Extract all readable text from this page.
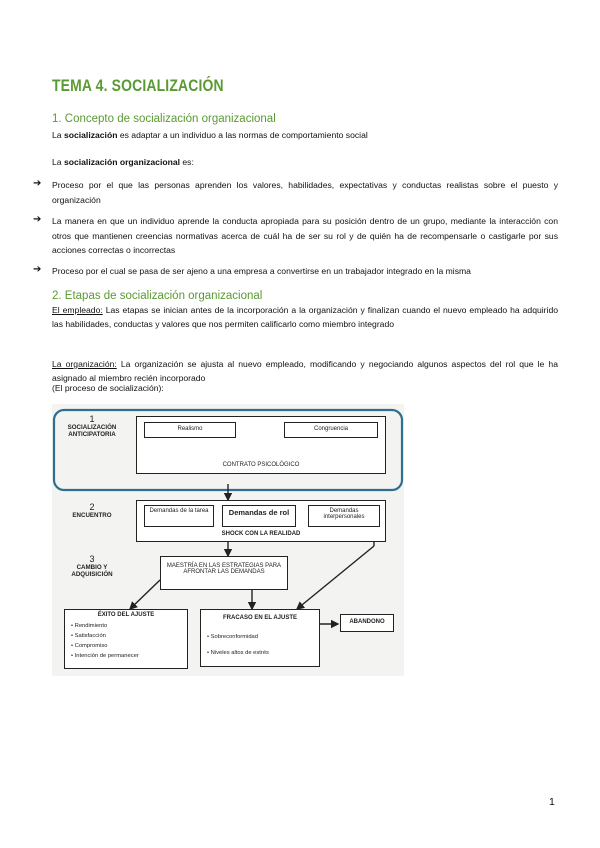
TEMA 4. SOCIALIZACIÓN
1. Concepto de socialización organizacional
La socialización es adaptar a un individuo a las normas de comportamiento social
La socialización organizacional es:
➔ Proceso por el que las personas aprenden los valores, habilidades, expectativas y conductas realistas sobre el puesto y organización
➔ La manera en que un individuo aprende la conducta apropiada para su posición dentro de un grupo, mediante la interacción con otros que mantienen creencias normativas acerca de cuál ha de ser su rol y de quién ha de recompensarle o castigarle por sus acciones correctas o incorrectas
➔ Proceso por el cual se pasa de ser ajeno a una empresa a convertirse en un trabajador integrado en la misma
2. Etapas de socialización organizacional
El empleado: Las etapas se inician antes de la incorporación a la organización y finalizan cuando el nuevo empleado ha adquirido las habilidades, conductas y valores que nos permiten calificarlo como miembro integrado
La organización: La organización se ajusta al nuevo empleado, modificando y negociando algunos aspectos del rol que le ha asignado al miembro recién incorporado
(El proceso de socialización):
1
SOCIALIZACIÓN ANTICIPATORIA
Realismo	Congruencia
CONTRATO PSICOLÓGICO
2
ENCUENTRO
Demandas de la tarea	Demandas de rol	Demandas interpersonales
SHOCK CON LA REALIDAD
3
CAMBIO Y ADQUISICIÓN
MAESTRÍA EN LAS ESTRATEGIAS PARA AFRONTAR LAS DEMANDAS
ÉXITO DEL AJUSTE
• Rendimiento
• Satisfacción
• Compromiso
• Intención de permanecer
FRACASO EN EL AJUSTE
• Sobreconformidad
• Niveles altos de estrés
ABANDONO
1
